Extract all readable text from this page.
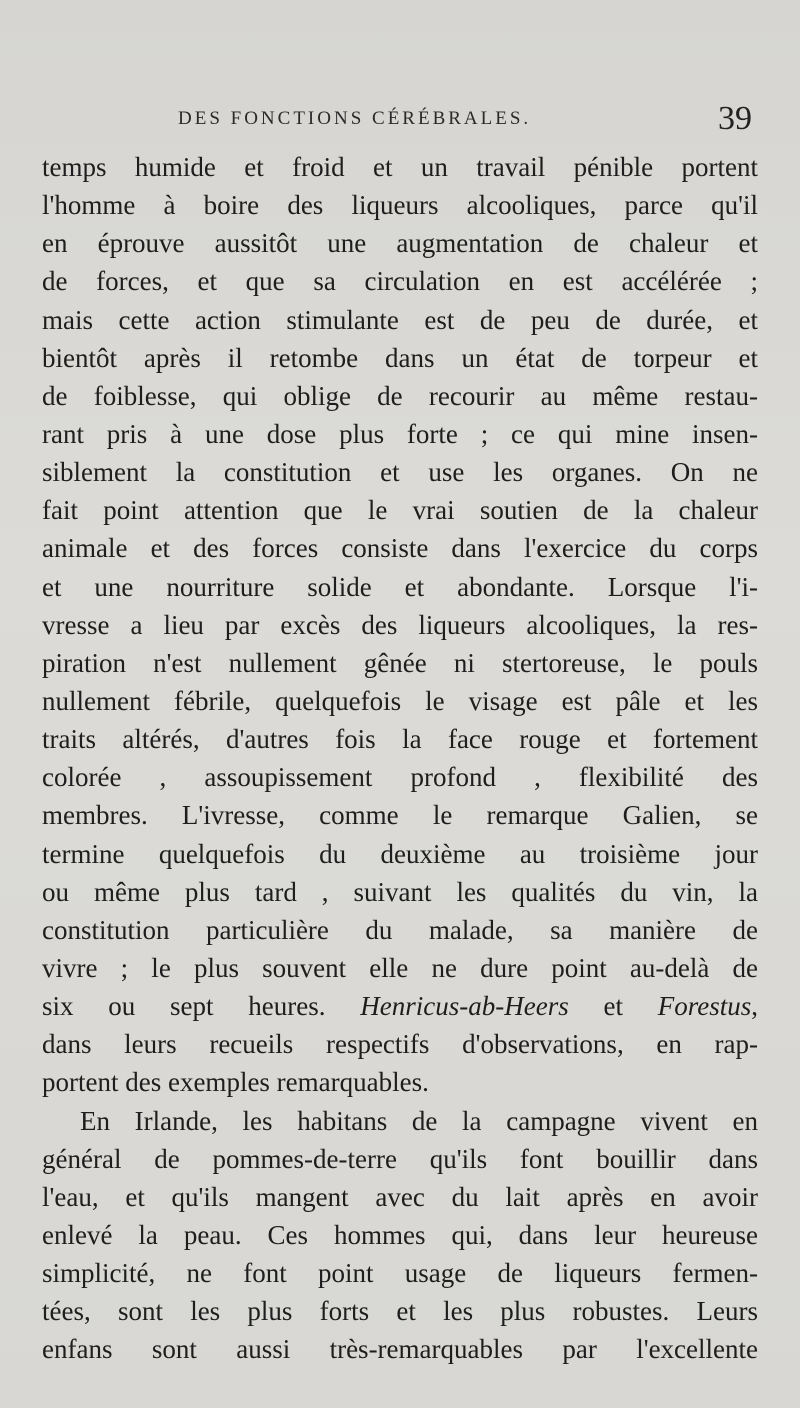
DES FONCTIONS CÉRÉBRALES.	39
temps humide et froid et un travail pénible portent
l'homme à boire des liqueurs alcooliques, parce qu'il
en éprouve aussitôt une augmentation de chaleur et
de forces, et que sa circulation en est accélérée ;
mais cette action stimulante est de peu de durée, et
bientôt après il retombe dans un état de torpeur et
de foiblesse, qui oblige de recourir au même restau-
rant pris à une dose plus forte ; ce qui mine insen-
siblement la constitution et use les organes. On ne
fait point attention que le vrai soutien de la chaleur
animale et des forces consiste dans l'exercice du corps
et une nourriture solide et abondante. Lorsque l'i-
vresse a lieu par excès des liqueurs alcooliques, la res-
piration n'est nullement gênée ni stertoreuse, le pouls
nullement fébrile, quelquefois le visage est pâle et les
traits altérés, d'autres fois la face rouge et fortement
colorée , assoupissement profond , flexibilité des
membres. L'ivresse, comme le remarque Galien, se
termine quelquefois du deuxième au troisième jour
ou même plus tard , suivant les qualités du vin, la
constitution particulière du malade, sa manière de
vivre ; le plus souvent elle ne dure point au-delà de
six ou sept heures. Henricus-ab-Heers et Forestus,
dans leurs recueils respectifs d'observations, en rap-
portent des exemples remarquables.
En Irlande, les habitans de la campagne vivent en
général de pommes-de-terre qu'ils font bouillir dans
l'eau, et qu'ils mangent avec du lait après en avoir
enlevé la peau. Ces hommes qui, dans leur heureuse
simplicité, ne font point usage de liqueurs fermen-
tées, sont les plus forts et les plus robustes. Leurs
enfans sont aussi très-remarquables par l'excellente
